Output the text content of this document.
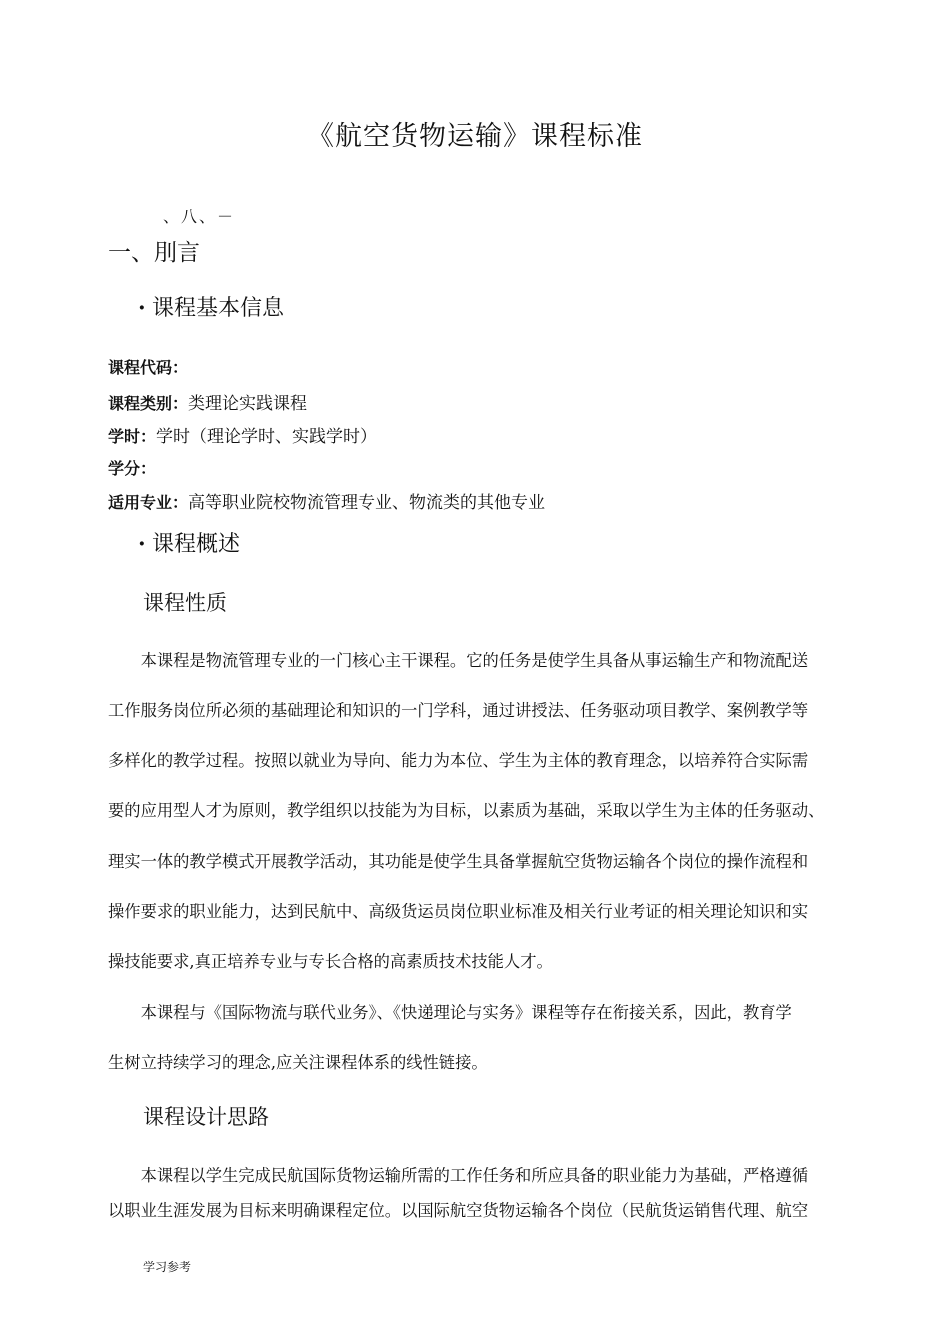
《航空货物运输》课程标准
、八、－
一、刖言
· 课程基本信息
课程代码：
课程类别：类理论实践课程
学时：学时（理论学时、实践学时）
学分：
适用专业：高等职业院校物流管理专业、物流类的其他专业
· 课程概述
课程性质
　　本课程是物流管理专业的一门核心主干课程。它的任务是使学生具备从事运输生产和物流配送
工作服务岗位所必须的基础理论和知识的一门学科，通过讲授法、任务驱动项目教学、案例教学等
多样化的教学过程。按照以就业为导向、能力为本位、学生为主体的教育理念，以培养符合实际需
要的应用型人才为原则，教学组织以技能为为目标，以素质为基础，采取以学生为主体的任务驱动、
理实一体的教学模式开展教学活动，其功能是使学生具备掌握航空货物运输各个岗位的操作流程和
操作要求的职业能力，达到民航中、高级货运员岗位职业标准及相关行业考证的相关理论知识和实
操技能要求,真正培养专业与专长合格的高素质技术技能人才。
　　本课程与《国际物流与联代业务》、《快递理论与实务》课程等存在衔接关系，因此，教育学
生树立持续学习的理念,应关注课程体系的线性链接。
课程设计思路
　　本课程以学生完成民航国际货物运输所需的工作任务和所应具备的职业能力为基础，严格遵循
以职业生涯发展为目标来明确课程定位。以国际航空货物运输各个岗位（民航货运销售代理、航空
学习参考
